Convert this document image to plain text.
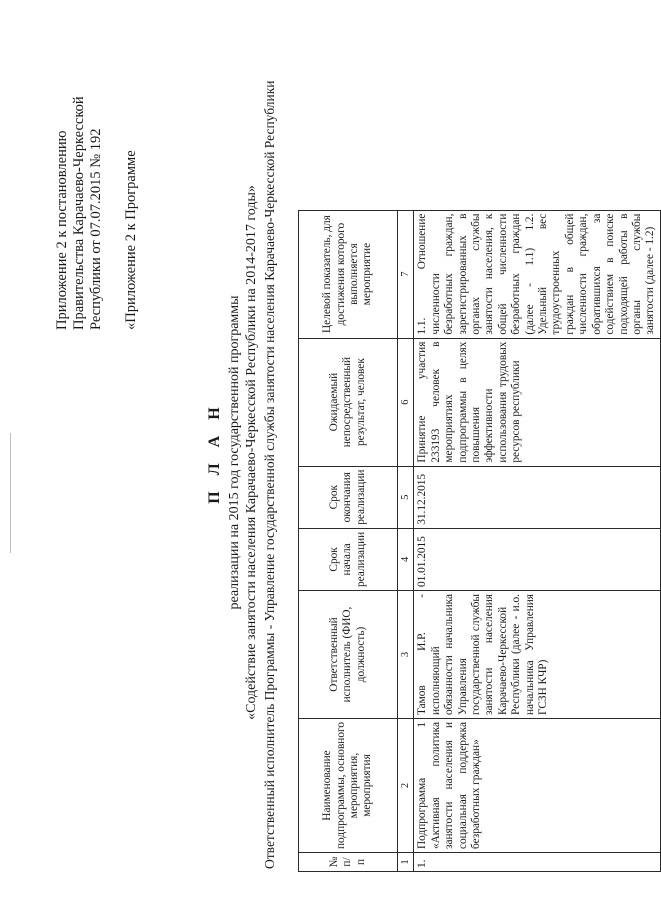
Приложение 2 к постановлению Правительства Карачаево-Черкесской Республики от 07.07.2015 № 192 «Приложение 2 к Программе
П Л А Н реализации на 2015 год государственной программы «Содействие занятости населения Карачаево-Черкесской Республики на 2014-2017 годы» Ответственный исполнитель Программы - Управление государственной службы занятости населения Карачаево-Черкесской Республики	№ п/п	Наименование подпрограммы, основного мероприятия, мероприятия	Ответственный исполнитель (ФИО, должность)	Срок начала реализации	Срок окончания реализации	Ожидаемый непосредственный результат, человек	Целевой показатель, для достижения которого выполняется мероприятие
1	2	3	4	5	6	7
1.	Подпрограмма 1 «Активная политика занятости населения и социальная поддержка безработных граждан»	Тамов И.Р. - исполняющий обязанности начальника Управления государственной службы занятости населения Карачаево-Черкесской Республики (далее - и.о. начальника Управления ГСЗН КЧР)	01.01.2015	31.12.2015	Принятие участия 233193 человек в мероприятиях подпрограммы в целях повышения эффективности использования трудовых ресурсов республики	1.1. Отношение численности безработных граждан, зарегистрированных в органах службы занятости населения, к общей численности безработных граждан (далее - 1.1) 1.2. Удельный вес трудоустроенных граждан в общей численности граждан, обратившихся за содействием в поиске подходящей работы в органы службы занятости (далее - 1.2)
